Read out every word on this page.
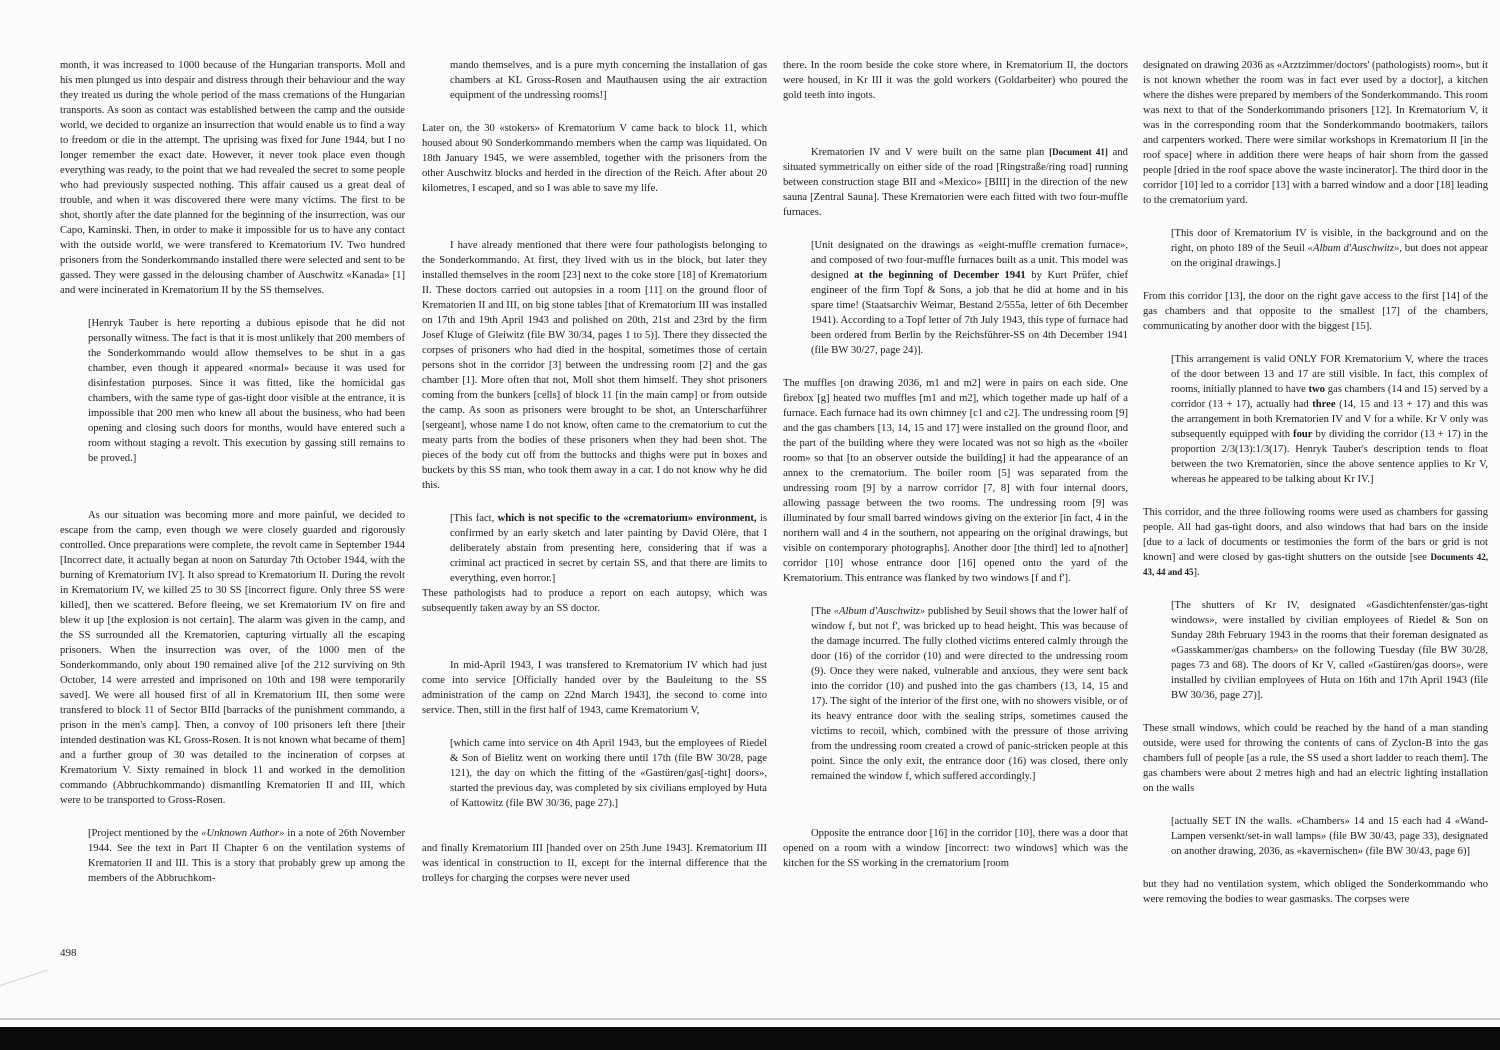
month, it was increased to 1000 because of the Hungarian transports. Moll and his men plunged us into despair and distress through their behaviour and the way they treated us during the whole period of the mass cremations of the Hungarian transports. As soon as contact was established between the camp and the outside world, we decided to organize an insurrection that would enable us to find a way to freedom or die in the attempt. The uprising was fixed for June 1944, but I no longer remember the exact date. However, it never took place even though everything was ready, to the point that we had revealed the secret to some people who had previously suspected nothing. This affair caused us a great deal of trouble, and when it was discovered there were many victims. The first to be shot, shortly after the date planned for the beginning of the insurrection, was our Capo, Kaminski. Then, in order to make it impossible for us to have any contact with the outside world, we were transfered to Krematorium IV. Two hundred prisoners from the Sonderkommando installed there were selected and sent to be gassed. They were gassed in the delousing chamber of Auschwitz «Kanada» [1] and were incinerated in Krematorium II by the SS themselves.

[Henryk Tauber is here reporting a dubious episode that he did not personally witness. The fact is that it is most unlikely that 200 members of the Sonderkommando would allow themselves to be shut in a gas chamber, even though it appeared «normal» because it was used for disinfestation purposes. Since it was fitted, like the homicidal gas chambers, with the same type of gas-tight door visible at the entrance, it is impossible that 200 men who knew all about the business, who had been opening and closing such doors for months, would have entered such a room without staging a revolt. This execution by gassing still remains to be proved.]

As our situation was becoming more and more painful, we decided to escape from the camp, even though we were closely guarded and rigorously controlled. Once preparations were complete, the revolt came in September 1944 [Incorrect date, it actually began at noon on Saturday 7th October 1944, with the burning of Krematorium IV]. It also spread to Krematorium II. During the revolt in Krematorium IV, we killed 25 to 30 SS [incorrect figure. Only three SS were killed], then we scattered. Before fleeing, we set Krematorium IV on fire and blew it up [the explosion is not certain]. The alarm was given in the camp, and the SS surrounded all the Krematorien, capturing virtually all the escaping prisoners. When the insurrection was over, of the 1000 men of the Sonderkommando, only about 190 remained alive [of the 212 surviving on 9th October, 14 were arrested and imprisoned on 10th and 198 were temporarily saved]. We were all housed first of all in Krematorium III, then some were transfered to block 11 of Sector BIId [barracks of the punishment commando, a prison in the men's camp]. Then, a convoy of 100 prisoners left there [their intended destination was KL Gross-Rosen. It is not known what became of them] and a further group of 30 was detailed to the incineration of corpses at Krematorium V. Sixty remained in block 11 and worked in the demolition commando (Abbruchkommando) dismantling Krematorien II and III, which were to be transported to Gross-Rosen.

[Project mentioned by the «Unknown Author» in a note of 26th November 1944. See the text in Part II Chapter 6 on the ventilation systems of Krematorien II and III. This is a story that probably grew up among the members of the Abbruchkom-

mando themselves, and is a pure myth concerning the installation of gas chambers at KL Gross-Rosen and Mauthausen using the air extraction equipment of the undressing rooms!]

Later on, the 30 «stokers» of Krematorium V came back to block 11, which housed about 90 Sonderkommando members when the camp was liquidated. On 18th January 1945, we were assembled, together with the prisoners from the other Auschwitz blocks and herded in the direction of the Reich. After about 20 kilometres, I escaped, and so I was able to save my life.

I have already mentioned that there were four pathologists belonging to the Sonderkommando. At first, they lived with us in the block, but later they installed themselves in the room [23] next to the coke store [18] of Krematorium II. These doctors carried out autopsies in a room [11] on the ground floor of Krematorien II and III, on big stone tables [that of Krematorium III was installed on 17th and 19th April 1943 and polished on 20th, 21st and 23rd by the firm Josef Kluge of Gleiwitz (file BW 30/34, pages 1 to 5)]. There they dissected the corpses of prisoners who had died in the hospital, sometimes those of certain persons shot in the corridor [3] between the undressing room [2] and the gas chamber [1]. More often that not, Moll shot them himself. They shot prisoners coming from the bunkers [cells] of block 11 [in the main camp] or from outside the camp. As soon as prisoners were brought to be shot, an Unterscharführer [sergeant], whose name I do not know, often came to the crematorium to cut the meaty parts from the bodies of these prisoners when they had been shot. The pieces of the body cut off from the buttocks and thighs were put in boxes and buckets by this SS man, who took them away in a car. I do not know why he did this.

[This fact, which is not specific to the «crematorium» environment, is confirmed by an early sketch and later painting by David Olère, that I deliberately abstain from presenting here, considering that if was a criminal act practiced in secret by certain SS, and that there are limits to everything, even horror.]

These pathologists had to produce a report on each autopsy, which was subsequently taken away by an SS doctor.

In mid-April 1943, I was transfered to Krematorium IV which had just come into service [Officially handed over by the Bauleitung to the SS administration of the camp on 22nd March 1943], the second to come into service. Then, still in the first half of 1943, came Krematorium V,

[which came into service on 4th April 1943, but the employees of Riedel & Son of Bielitz went on working there until 17th (file BW 30/28, page 121), the day on which the fitting of the «Gastüren/gas[-tight] doors», started the previous day, was completed by six civilians employed by Huta of Kattowitz (file BW 30/36, page 27).]

and finally Krematorium III [handed over on 25th June 1943]. Krematorium III was identical in construction to II, except for the internal difference that the trolleys for charging the corpses were never used

there. In the room beside the coke store where, in Krematorium II, the doctors were housed, in Kr III it was the gold workers (Goldarbeiter) who poured the gold teeth into ingots.

Krematorien IV and V were built on the same plan [Document 41] and situated symmetrically on either side of the road [Ringstraße/ring road] running between construction stage BII and «Mexico» [BIII] in the direction of the new sauna [Zentral Sauna]. These Krematorien were each fitted with two four-muffle furnaces.

[Unit designated on the drawings as «eight-muffle cremation furnace», and composed of two four-muffle furnaces built as a unit. This model was designed at the beginning of December 1941 by Kurt Prüfer, chief engineer of the firm Topf & Sons, a job that he did at home and in his spare time! (Staatsarchiv Weimar, Bestand 2/555a, letter of 6th December 1941). According to a Topf letter of 7th July 1943, this type of furnace had been ordered from Berlin by the Reichsführer-SS on 4th December 1941 (file BW 30/27, page 24)].

The muffles [on drawing 2036, m1 and m2] were in pairs on each side. One firebox [g] heated two muffles [m1 and m2], which together made up half of a furnace. Each furnace had its own chimney [c1 and c2]. The undressing room [9] and the gas chambers [13, 14, 15 and 17] were installed on the ground floor, and the part of the building where they were located was not so high as the «boiler room» so that [to an observer outside the building] it had the appearance of an annex to the crematorium. The boiler room [5] was separated from the undressing room [9] by a narrow corridor [7, 8] with four internal doors, allowing passage between the two rooms. The undressing room [9] was illuminated by four small barred windows giving on the exterior [in fact, 4 in the northern wall and 4 in the southern, not appearing on the original drawings, but visible on contemporary photographs]. Another door [the third] led to a[nother] corridor [10] whose entrance door [16] opened onto the yard of the Krematorium. This entrance was flanked by two windows [f and f'].

[The «Album d'Auschwitz» published by Seuil shows that the lower half of window f, but not f', was bricked up to head height. This was because of the damage incurred. The fully clothed victims entered calmly through the door (16) of the corridor (10) and were directed to the undressing room (9). Once they were naked, vulnerable and anxious, they were sent back into the corridor (10) and pushed into the gas chambers (13, 14, 15 and 17). The sight of the interior of the first one, with no showers visible, or of its heavy entrance door with the sealing strips, sometimes caused the victims to recoil, which, combined with the pressure of those arriving from the undressing room created a crowd of panic-stricken people at this point. Since the only exit, the entrance door (16) was closed, there only remained the window f, which suffered accordingly.]

Opposite the entrance door [16] in the corridor [10], there was a door that opened on a room with a window [incorrect: two windows] which was the kitchen for the SS working in the crematorium [room

designated on drawing 2036 as «Arztzimmer/doctors' (pathologists) room», but it is not known whether the room was in fact ever used by a doctor], a kitchen where the dishes were prepared by members of the Sonderkommando. This room was next to that of the Sonderkommando prisoners [12]. In Krematorium V, it was in the corresponding room that the Sonderkommando bootmakers, tailors and carpenters worked. There were similar workshops in Krematorium II [in the roof space] where in addition there were heaps of hair shorn from the gassed people [dried in the roof space above the waste incinerator]. The third door in the corridor [10] led to a corridor [13] with a barred window and a door [18] leading to the crematorium yard.

[This door of Krematorium IV is visible, in the background and on the right, on photo 189 of the Seuil «Album d'Auschwitz», but does not appear on the original drawings.]

From this corridor [13], the door on the right gave access to the first [14] of the gas chambers and that opposite to the smallest [17] of the chambers, communicating by another door with the biggest [15].

[This arrangement is valid ONLY FOR Krematorium V, where the traces of the door between 13 and 17 are still visible. In fact, this complex of rooms, initially planned to have two gas chambers (14 and 15) served by a corridor (13 + 17), actually had three (14, 15 and 13 + 17) and this was the arrangement in both Krematorien IV and V for a while. Kr V only was subsequently equipped with four by dividing the corridor (13 + 17) in the proportion 2/3(13):1/3(17). Henryk Tauber's description tends to float between the two Krematorien, since the above sentence applies to Kr V, whereas he appeared to be talking about Kr IV.]

This corridor, and the three following rooms were used as chambers for gassing people. All had gas-tight doors, and also windows that had bars on the inside [due to a lack of documents or testimonies the form of the bars or grid is not known] and were closed by gas-tight shutters on the outside [see Documents 42, 43, 44 and 45].

[The shutters of Kr IV, designated «Gasdichtenfenster/gas-tight windows», were installed by civilian employees of Riedel & Son on Sunday 28th February 1943 in the rooms that their foreman designated as «Gasskammer/gas chambers» on the following Tuesday (file BW 30/28, pages 73 and 68). The doors of Kr V, called «Gastüren/gas doors», were installed by civilian employees of Huta on 16th and 17th April 1943 (file BW 30/36, page 27)].

These small windows, which could be reached by the hand of a man standing outside, were used for throwing the contents of cans of Zyclon-B into the gas chambers full of people [as a rule, the SS used a short ladder to reach them]. The gas chambers were about 2 metres high and had an electric lighting installation on the walls

[actually SET IN the walls. «Chambers» 14 and 15 each had 4 «Wand-Lampen versenkt/set-in wall lamps» (file BW 30/43, page 33), designated on another drawing, 2036, as «kavernischen» (file BW 30/43, page 6)]

but they had no ventilation system, which obliged the Sonderkommando who were removing the bodies to wear gasmasks. The corpses were

498
